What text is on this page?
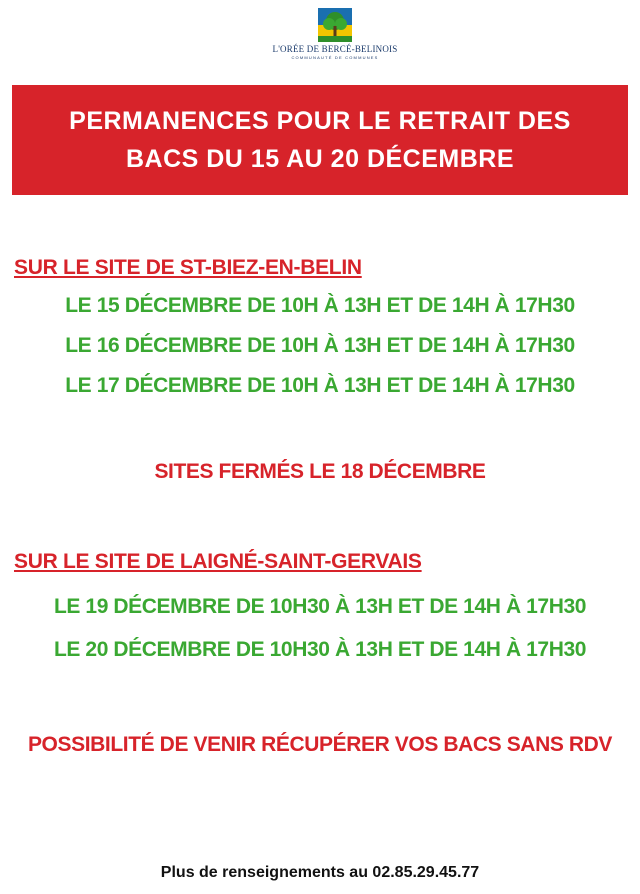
L'ORÉE DE BERCÉ-BELINOIS
COMMUNAUTÉ DE COMMUNES
PERMANENCES POUR LE RETRAIT DES
BACS DU 15 AU 20 DÉCEMBRE
SUR LE SITE DE ST-BIEZ-EN-BELIN
LE 15 DÉCEMBRE DE 10H À 13H ET DE 14H À 17H30
LE 16 DÉCEMBRE DE 10H À 13H ET DE 14H À 17H30
LE 17 DÉCEMBRE DE 10H À 13H ET DE 14H À 17H30
SITES FERMÉS LE 18 DÉCEMBRE
SUR LE SITE DE LAIGNÉ-SAINT-GERVAIS
LE 19 DÉCEMBRE DE 10H30 À 13H ET DE 14H À 17H30
LE 20 DÉCEMBRE DE 10H30 À 13H ET DE 14H À 17H30
POSSIBILITÉ DE VENIR RÉCUPÉRER VOS BACS SANS RDV
Plus de renseignements au 02.85.29.45.77
